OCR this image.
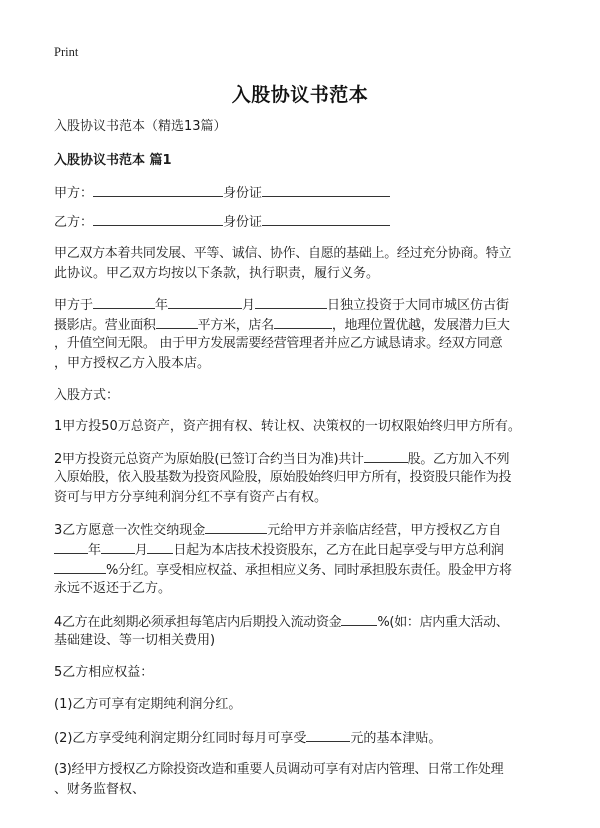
Print
入股协议书范本
入股协议书范本（精选13篇）
入股协议书范本 篇1
甲方：	身份证
乙方：	身份证
甲乙双方本着共同发展、平等、诚信、协作、自愿的基础上。经过充分协商。特立
此协议。甲乙双方均按以下条款，执行职责，履行义务。
甲方于	年	月	日独立投资于大同市城区仿古街
摄影店。营业面积	平方米，店名	，地理位置优越，发展潜力巨大
，升值空间无限。 由于甲方发展需要经营管理者并应乙方诚恳请求。经双方同意
，甲方授权乙方入股本店。
入股方式：
1甲方投50万总资产，资产拥有权、转让权、决策权的一切权限始终归甲方所有。
2甲方投资元总资产为原始股(已签订合约当日为准)共计	股。乙方加入不列
入原始股，依入股基数为投资风险股，原始股始终归甲方所有，投资股只能作为投
资可与甲方分享纯利润分红不享有资产占有权。
3乙方愿意一次性交纳现金	元给甲方并亲临店经营，甲方授权乙方自
年	月 日起为本店技术投资股东，乙方在此日起享受与甲方总利润
%分红。享受相应权益、承担相应义务、同时承担股东责任。股金甲方将
永远不返还于乙方。
4乙方在此刻期必须承担每笔店内后期投入流动资金	%(如：店内重大活动、
基础建设、等一切相关费用)
5乙方相应权益：
(1)乙方可享有定期纯利润分红。
(2)乙方享受纯利润定期分红同时每月可享受	元的基本津贴。
(3)经甲方授权乙方除投资改造和重要人员调动可享有对店内管理、日常工作处理
、财务监督权、
